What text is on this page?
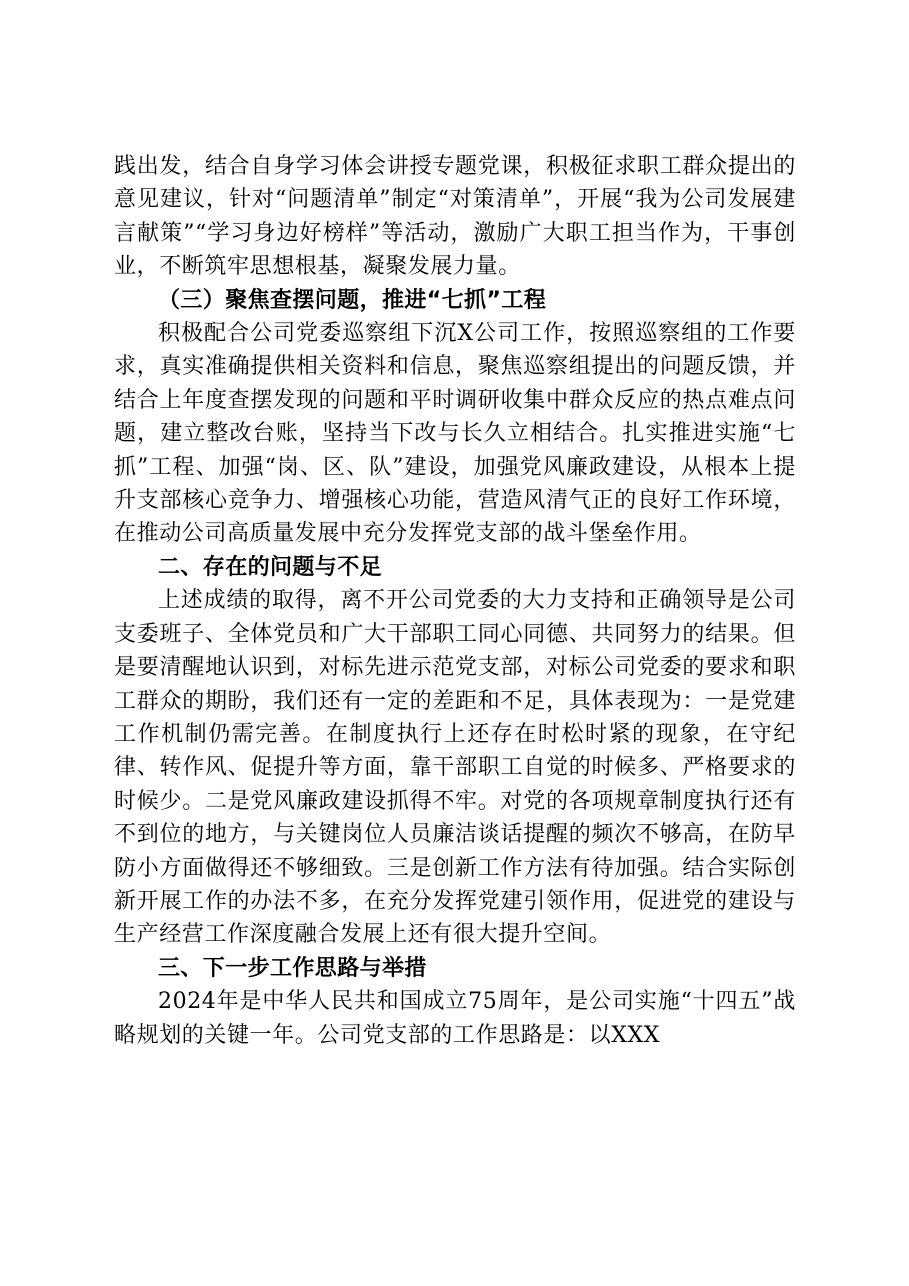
践出发，结合自身学习体会讲授专题党课，积极征求职工群众提出的意见建议，针对“问题清单”制定“对策清单”，开展“我为公司发展建言献策”“学习身边好榜样”等活动，激励广大职工担当作为，干事创业，不断筑牢思想根基，凝聚发展力量。

（三）聚焦查摆问题，推进“七抓”工程

积极配合公司党委巡察组下沉X公司工作，按照巡察组的工作要求，真实准确提供相关资料和信息，聚焦巡察组提出的问题反馈，并结合上年度查摆发现的问题和平时调研收集中群众反应的热点难点问题，建立整改台账，坚持当下改与长久立相结合。扎实推进实施“七抓”工程、加强“岗、区、队”建设，加强党风廉政建设，从根本上提升支部核心竞争力、增强核心功能，营造风清气正的良好工作环境，在推动公司高质量发展中充分发挥党支部的战斗堡垒作用。

二、存在的问题与不足

上述成绩的取得，离不开公司党委的大力支持和正确领导是公司支委班子、全体党员和广大干部职工同心同德、共同努力的结果。但是要清醒地认识到，对标先进示范党支部，对标公司党委的要求和职工群众的期盼，我们还有一定的差距和不足，具体表现为：一是党建工作机制仍需完善。在制度执行上还存在时松时紧的现象，在守纪律、转作风、促提升等方面，靠干部职工自觉的时候多、严格要求的时候少。二是党风廉政建设抓得不牢。对党的各项规章制度执行还有不到位的地方，与关键岗位人员廉洁谈话提醒的频次不够高，在防早防小方面做得还不够细致。三是创新工作方法有待加强。结合实际创新开展工作的办法不多，在充分发挥党建引领作用，促进党的建设与生产经营工作深度融合发展上还有很大提升空间。

三、下一步工作思路与举措

2024年是中华人民共和国成立75周年，是公司实施“十四五”战略规划的关键一年。公司党支部的工作思路是：以XXX
